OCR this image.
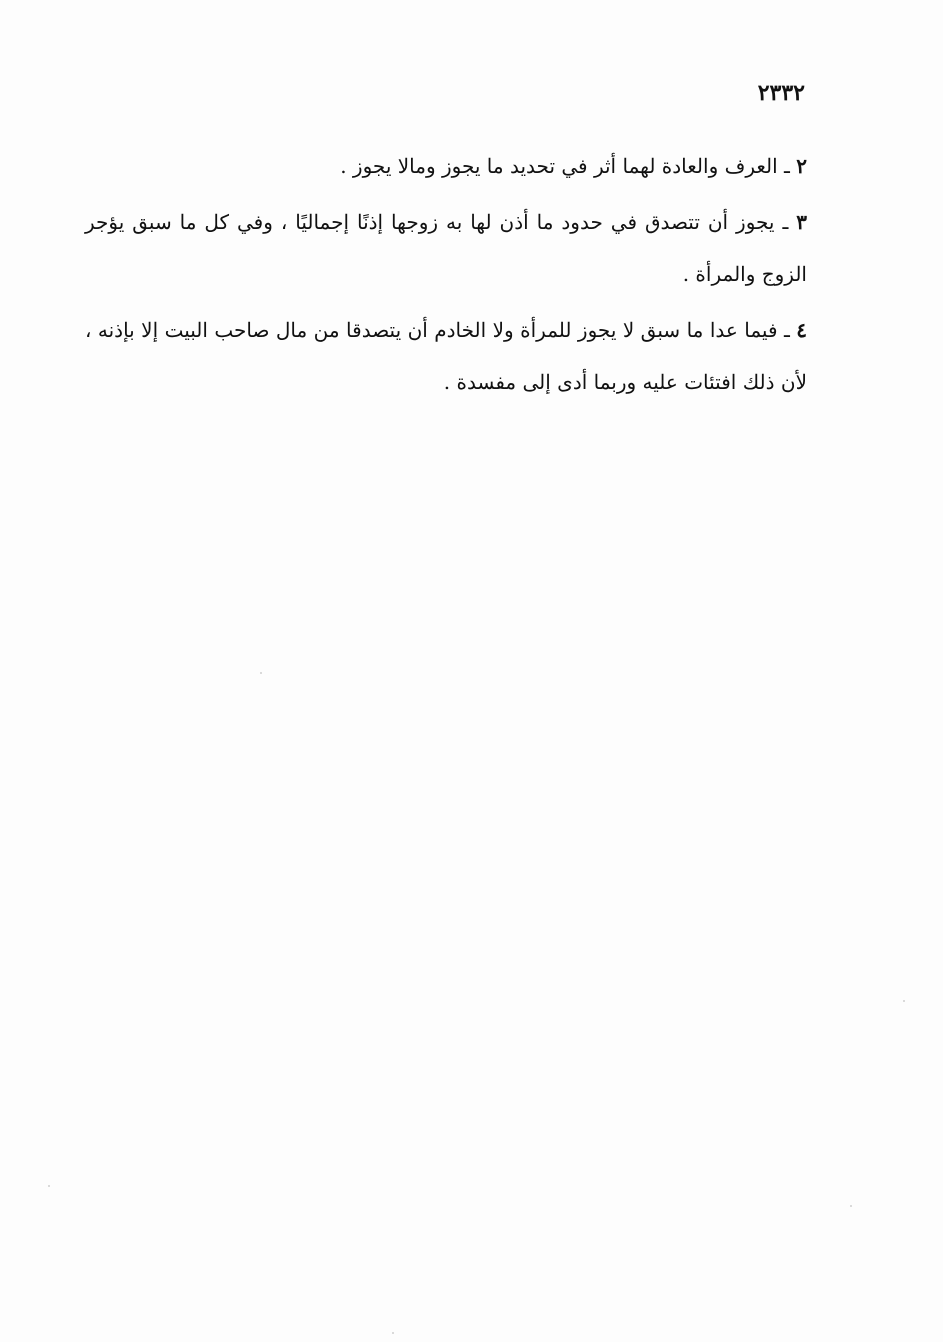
٢٣٣٢

٢ ـ العرف والعادة لهما أثر في تحديد ما يجوز ومالا يجوز .

٣ ـ يجوز أن تتصدق في حدود ما أذن لها به زوجها إذنًا إجماليًا ، وفي كل ما سبق يؤجر الزوج والمرأة .

٤ ـ فيما عدا ما سبق لا يجوز للمرأة ولا الخادم أن يتصدقا من مال صاحب البيت إلا بإذنه ، لأن ذلك افتئات عليه وربما أدى إلى مفسدة .
